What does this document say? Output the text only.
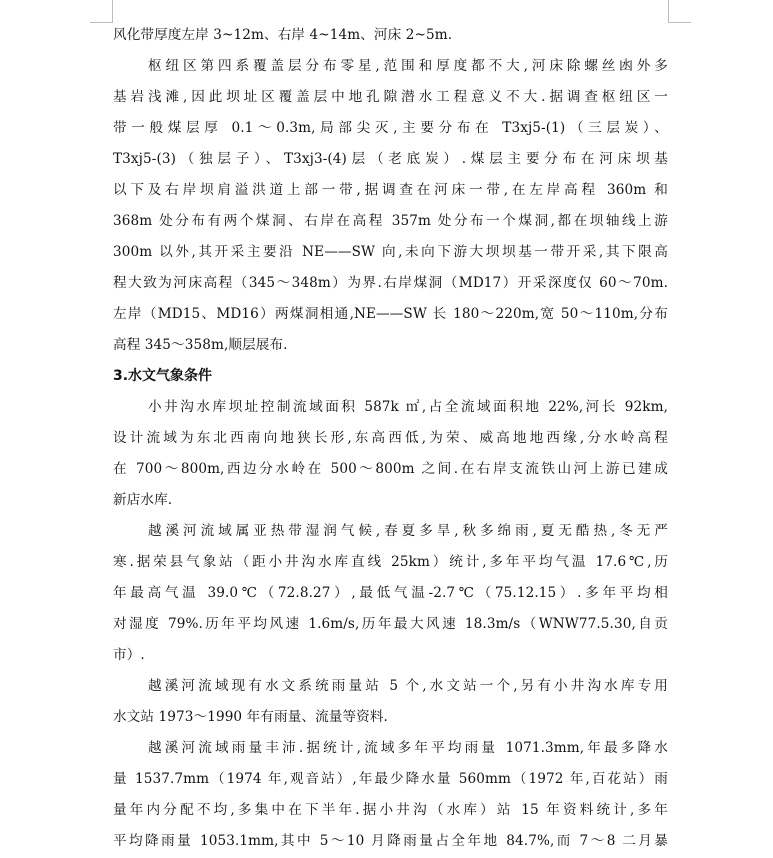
风化带厚度左岸 3~12m、右岸 4~14m、河床 2~5m.
枢纽区第四系覆盖层分布零星,范围和厚度都不大,河床除螺丝凼外多
基岩浅滩,因此坝址区覆盖层中地孔隙潜水工程意义不大.据调查枢纽区一
带一般煤层厚 0.1～0.3m,局部尖灭,主要分布在 T3xj5-(1)（三层炭）、
T3xj5-(3)（独层子）、T3xj3-(4)层（老底炭）.煤层主要分布在河床坝基
以下及右岸坝肩溢洪道上部一带,据调查在河床一带,在左岸高程 360m 和
368m 处分布有两个煤洞、右岸在高程 357m 处分布一个煤洞,都在坝轴线上游
300m 以外,其开采主要沿 NE——SW 向,未向下游大坝坝基一带开采,其下限高
程大致为河床高程（345～348m）为界.右岸煤洞（MD17）开采深度仅 60～70m.
左岸（MD15、MD16）两煤洞相通,NE——SW 长 180～220m,宽 50～110m,分布
高程 345～358m,顺层展布.
3.水文气象条件
小井沟水库坝址控制流域面积 587k ㎡,占全流域面积地 22%,河长 92km,
设计流域为东北西南向地狭长形,东高西低,为荣、威高地地西缘,分水岭高程
在 700～800m,西边分水岭在 500～800m 之间.在右岸支流铁山河上游已建成
新店水库.
越溪河流域属亚热带湿润气候,春夏多旱,秋多绵雨,夏无酷热,冬无严
寒.据荣县气象站（距小井沟水库直线 25km）统计,多年平均气温 17.6℃,历
年最高气温 39.0℃（72.8.27）,最低气温-2.7℃（75.12.15）.多年平均相
对湿度 79%.历年平均风速 1.6m/s,历年最大风速 18.3m/s（WNW77.5.30,自贡
市）.
越溪河流域现有水文系统雨量站 5 个,水文站一个,另有小井沟水库专用
水文站 1973～1990 年有雨量、流量等资料.
越溪河流域雨量丰沛.据统计,流域多年平均雨量 1071.3mm,年最多降水
量 1537.7mm（1974 年,观音站）,年最少降水量 560mm（1972 年,百花站）雨
量年内分配不均,多集中在下半年.据小井沟（水库）站 15 年资料统计,多年
平均降雨量 1053.1mm,其中 5～10 月降雨量占全年地 84.7%,而 7～8 二月暴
